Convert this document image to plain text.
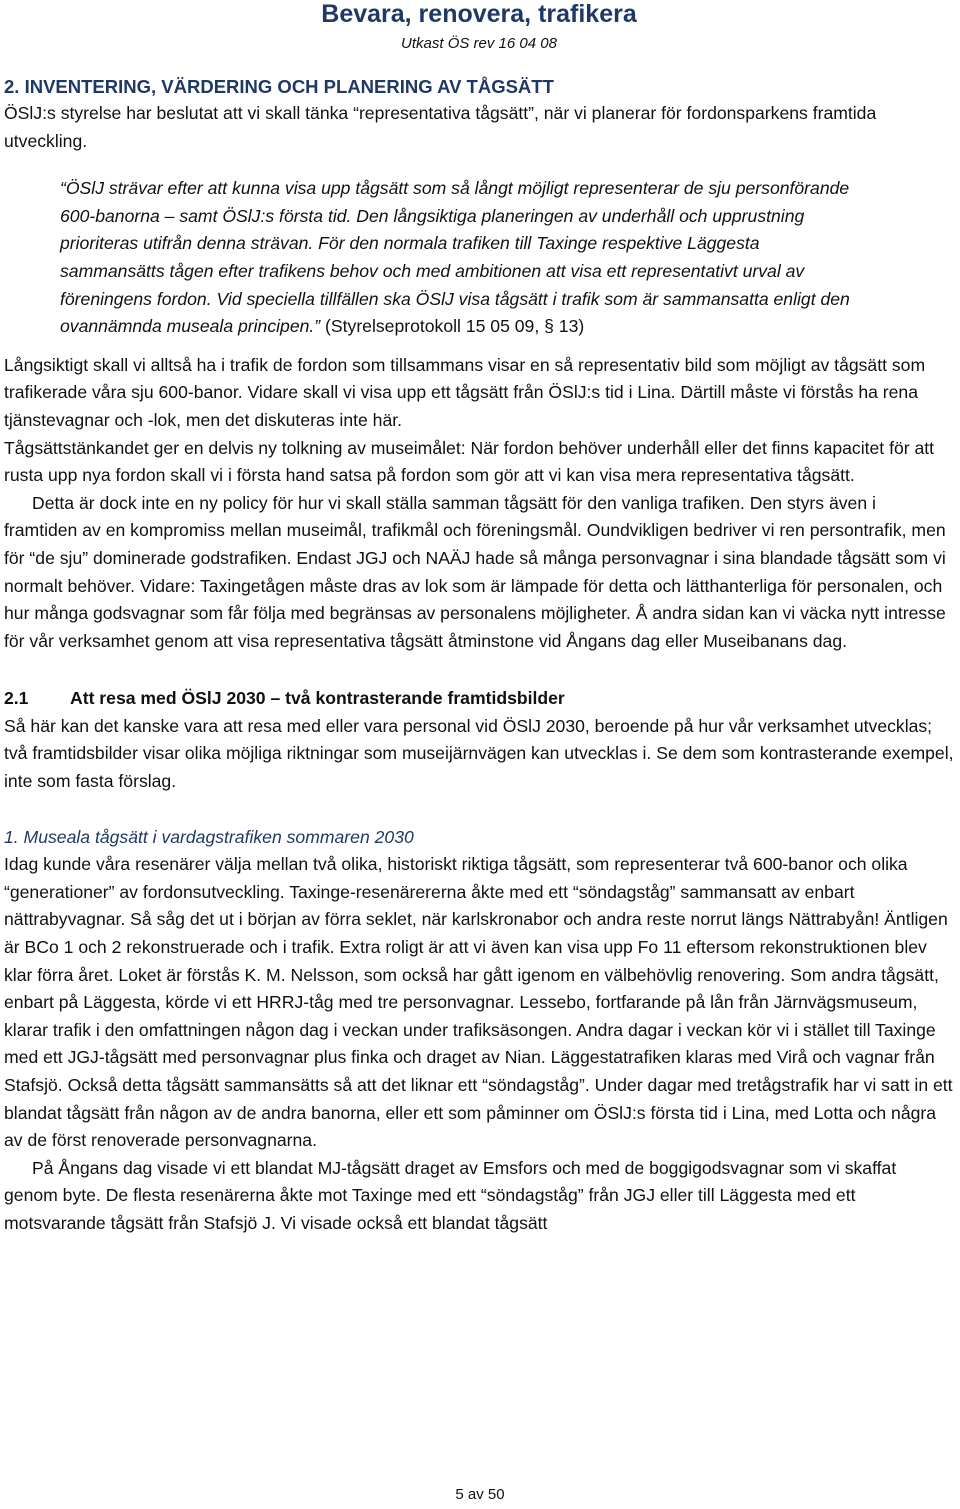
Bevara, renovera, trafikera
Utkast ÖS rev 16 04 08
2. INVENTERING, VÄRDERING OCH PLANERING AV TÅGSÄTT

ÖSlJ:s styrelse har beslutat att vi skall tänka “representativa tågsätt”, när vi planerar för fordonsparkens framtida utveckling.

“ÖSlJ strävar efter att kunna visa upp tågsätt som så långt möjligt representerar de sju personförande 600-banorna – samt ÖSlJ:s första tid. Den långsiktiga planeringen av underhåll och upprustning prioriteras utifrån denna strävan. För den normala trafiken till Taxinge respektive Läggesta sammansätts tågen efter trafikens behov och med ambitionen att visa ett representativt urval av föreningens fordon. Vid speciella tillfällen ska ÖSlJ visa tågsätt i trafik som är sammansatta enligt den ovannämnda museala principen.” (Styrelseprotokoll 15 05 09, § 13)

Långsiktigt skall vi alltså ha i trafik de fordon som tillsammans visar en så representativ bild som möjligt av tågsätt som trafikerade våra sju 600-banor. Vidare skall vi visa upp ett tågsätt från ÖSlJ:s tid i Lina. Därtill måste vi förstås ha rena tjänstevagnar och -lok, men det diskuteras inte här.

Tågsättstänkandet ger en delvis ny tolkning av museimålet: När fordon behöver underhåll eller det finns kapacitet för att rusta upp nya fordon skall vi i första hand satsa på fordon som gör att vi kan visa mera representativa tågsätt.

Detta är dock inte en ny policy för hur vi skall ställa samman tågsätt för den vanliga trafiken. Den styrs även i framtiden av en kompromiss mellan museimål, trafikmål och föreningsmål. Oundvikligen bedriver vi ren persontrafik, men för “de sju” dominerade godstrafiken. Endast JGJ och NAÄJ hade så många personvagnar i sina blandade tågsätt som vi normalt behöver. Vidare: Taxingetågen måste dras av lok som är lämpade för detta och lätthanterliga för personalen, och hur många godsvagnar som får följa med begränsas av personalens möjligheter. Å andra sidan kan vi väcka nytt intresse för vår verksamhet genom att visa representativa tågsätt åtminstone vid Ångans dag eller Museibanans dag.

2.1 Att resa med ÖSlJ 2030 – två kontrasterande framtidsbilder

Så här kan det kanske vara att resa med eller vara personal vid ÖSlJ 2030, beroende på hur vår verksamhet utvecklas; två framtidsbilder visar olika möjliga riktningar som museijärnvägen kan utvecklas i. Se dem som kontrasterande exempel, inte som fasta förslag.

1. Museala tågsätt i vardagstrafiken sommaren 2030

Idag kunde våra resenärer välja mellan två olika, historiskt riktiga tågsätt, som representerar två 600-banor och olika “generationer” av fordonsutveckling. Taxinge-resenärererna åkte med ett “söndagståg” sammansatt av enbart nättrabyvagnar. Så såg det ut i början av förra seklet, när karlskronabor och andra reste norrut längs Nättrabyån! Äntligen är BCo 1 och 2 rekonstruerade och i trafik. Extra roligt är att vi även kan visa upp Fo 11 eftersom rekonstruktionen blev klar förra året. Loket är förstås K. M. Nelsson, som också har gått igenom en välbehövlig renovering. Som andra tågsätt, enbart på Läggesta, körde vi ett HRRJ-tåg med tre personvagnar. Lessebo, fortfarande på lån från Järnvägsmuseum, klarar trafik i den omfattningen någon dag i veckan under trafiksäsongen. Andra dagar i veckan kör vi i stället till Taxinge med ett JGJ-tågsätt med personvagnar plus finka och draget av Nian. Läggestatrafiken klaras med Virå och vagnar från Stafsjö. Också detta tågsätt sammansätts så att det liknar ett “söndagståg”. Under dagar med tretågstrafik har vi satt in ett blandat tågsätt från någon av de andra banorna, eller ett som påminner om ÖSlJ:s första tid i Lina, med Lotta och några av de först renoverade personvagnarna.

På Ångans dag visade vi ett blandat MJ-tågsätt draget av Emsfors och med de boggigodsvagnar som vi skaffat genom byte. De flesta resenärerna åkte mot Taxinge med ett “söndagståg” från JGJ eller till Läggesta med ett motsvarande tågsätt från Stafsjö J. Vi visade också ett blandat tågsätt

5 av 50
